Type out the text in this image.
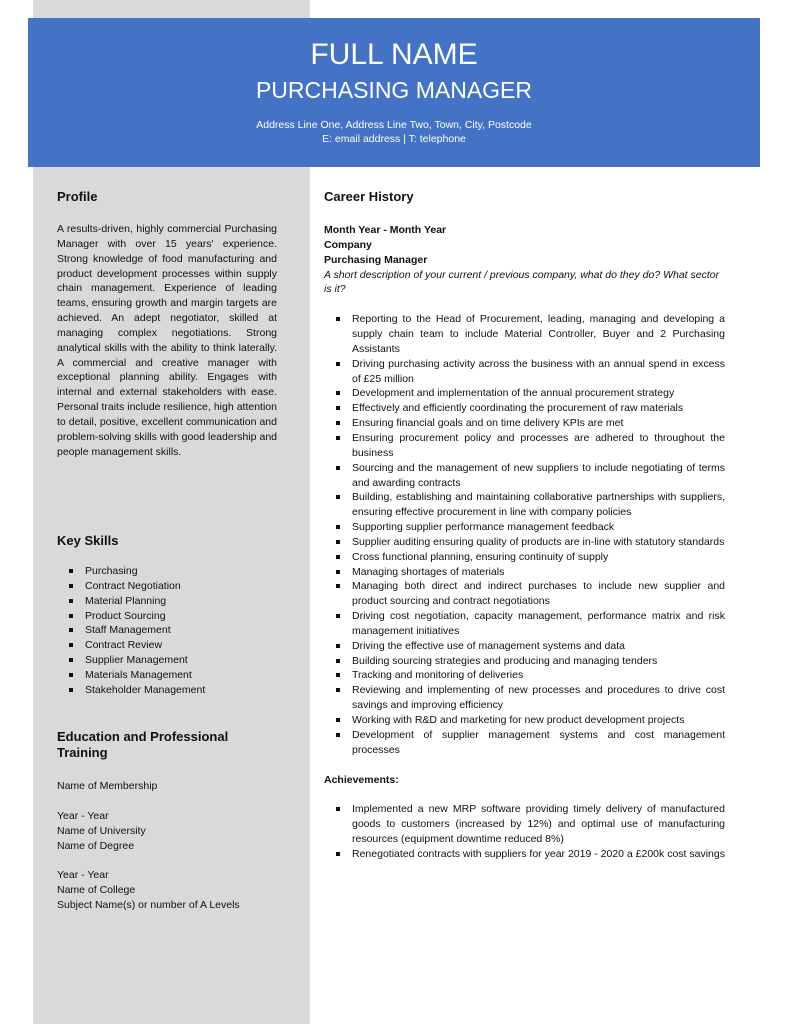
FULL NAME
PURCHASING MANAGER
Address Line One, Address Line Two, Town, City, Postcode
E: email address | T: telephone
Profile

A results-driven, highly commercial Purchasing Manager with over 15 years' experience. Strong knowledge of food manufacturing and product development processes within supply chain management. Experience of leading teams, ensuring growth and margin targets are achieved. An adept negotiator, skilled at managing complex negotiations. Strong analytical skills with the ability to think laterally. A commercial and creative manager with exceptional planning ability. Engages with internal and external stakeholders with ease. Personal traits include resilience, high attention to detail, positive, excellent communication and problem-solving skills with good leadership and people management skills.

Key Skills
Purchasing
Contract Negotiation
Material Planning
Product Sourcing
Staff Management
Contract Review
Supplier Management
Materials Management
Stakeholder Management
Education and Professional Training

Name of Membership

Year - Year

Name of University

Name of Degree

Year - Year

Name of College

Subject Name(s) or number of A Levels

Career History

Month Year - Month Year

Company

Purchasing Manager

A short description of your current / previous company, what do they do? What sector is it?

Reporting to the Head of Procurement, leading, managing and developing a supply chain team to include Material Controller, Buyer and 2 Purchasing Assistants
Driving purchasing activity across the business with an annual spend in excess of £25 million
Development and implementation of the annual procurement strategy
Effectively and efficiently coordinating the procurement of raw materials
Ensuring financial goals and on time delivery KPIs are met
Ensuring procurement policy and processes are adhered to throughout the business
Sourcing and the management of new suppliers to include negotiating of terms and awarding contracts
Building, establishing and maintaining collaborative partnerships with suppliers, ensuring effective procurement in line with company policies
Supporting supplier performance management feedback
Supplier auditing ensuring quality of products are in-line with statutory standards
Cross functional planning, ensuring continuity of supply
Managing shortages of materials
Managing both direct and indirect purchases to include new supplier and product sourcing and contract negotiations
Driving cost negotiation, capacity management, performance matrix and risk management initiatives
Driving the effective use of management systems and data
Building sourcing strategies and producing and managing tenders
Tracking and monitoring of deliveries
Reviewing and implementing of new processes and procedures to drive cost savings and improving efficiency
Working with R&D and marketing for new product development projects
Development of supplier management systems and cost management processes

Achievements:

Implemented a new MRP software providing timely delivery of manufactured goods to customers (increased by 12%) and optimal use of manufacturing resources (equipment downtime reduced 8%)
Renegotiated contracts with suppliers for year 2019 - 2020 a £200k cost savings
